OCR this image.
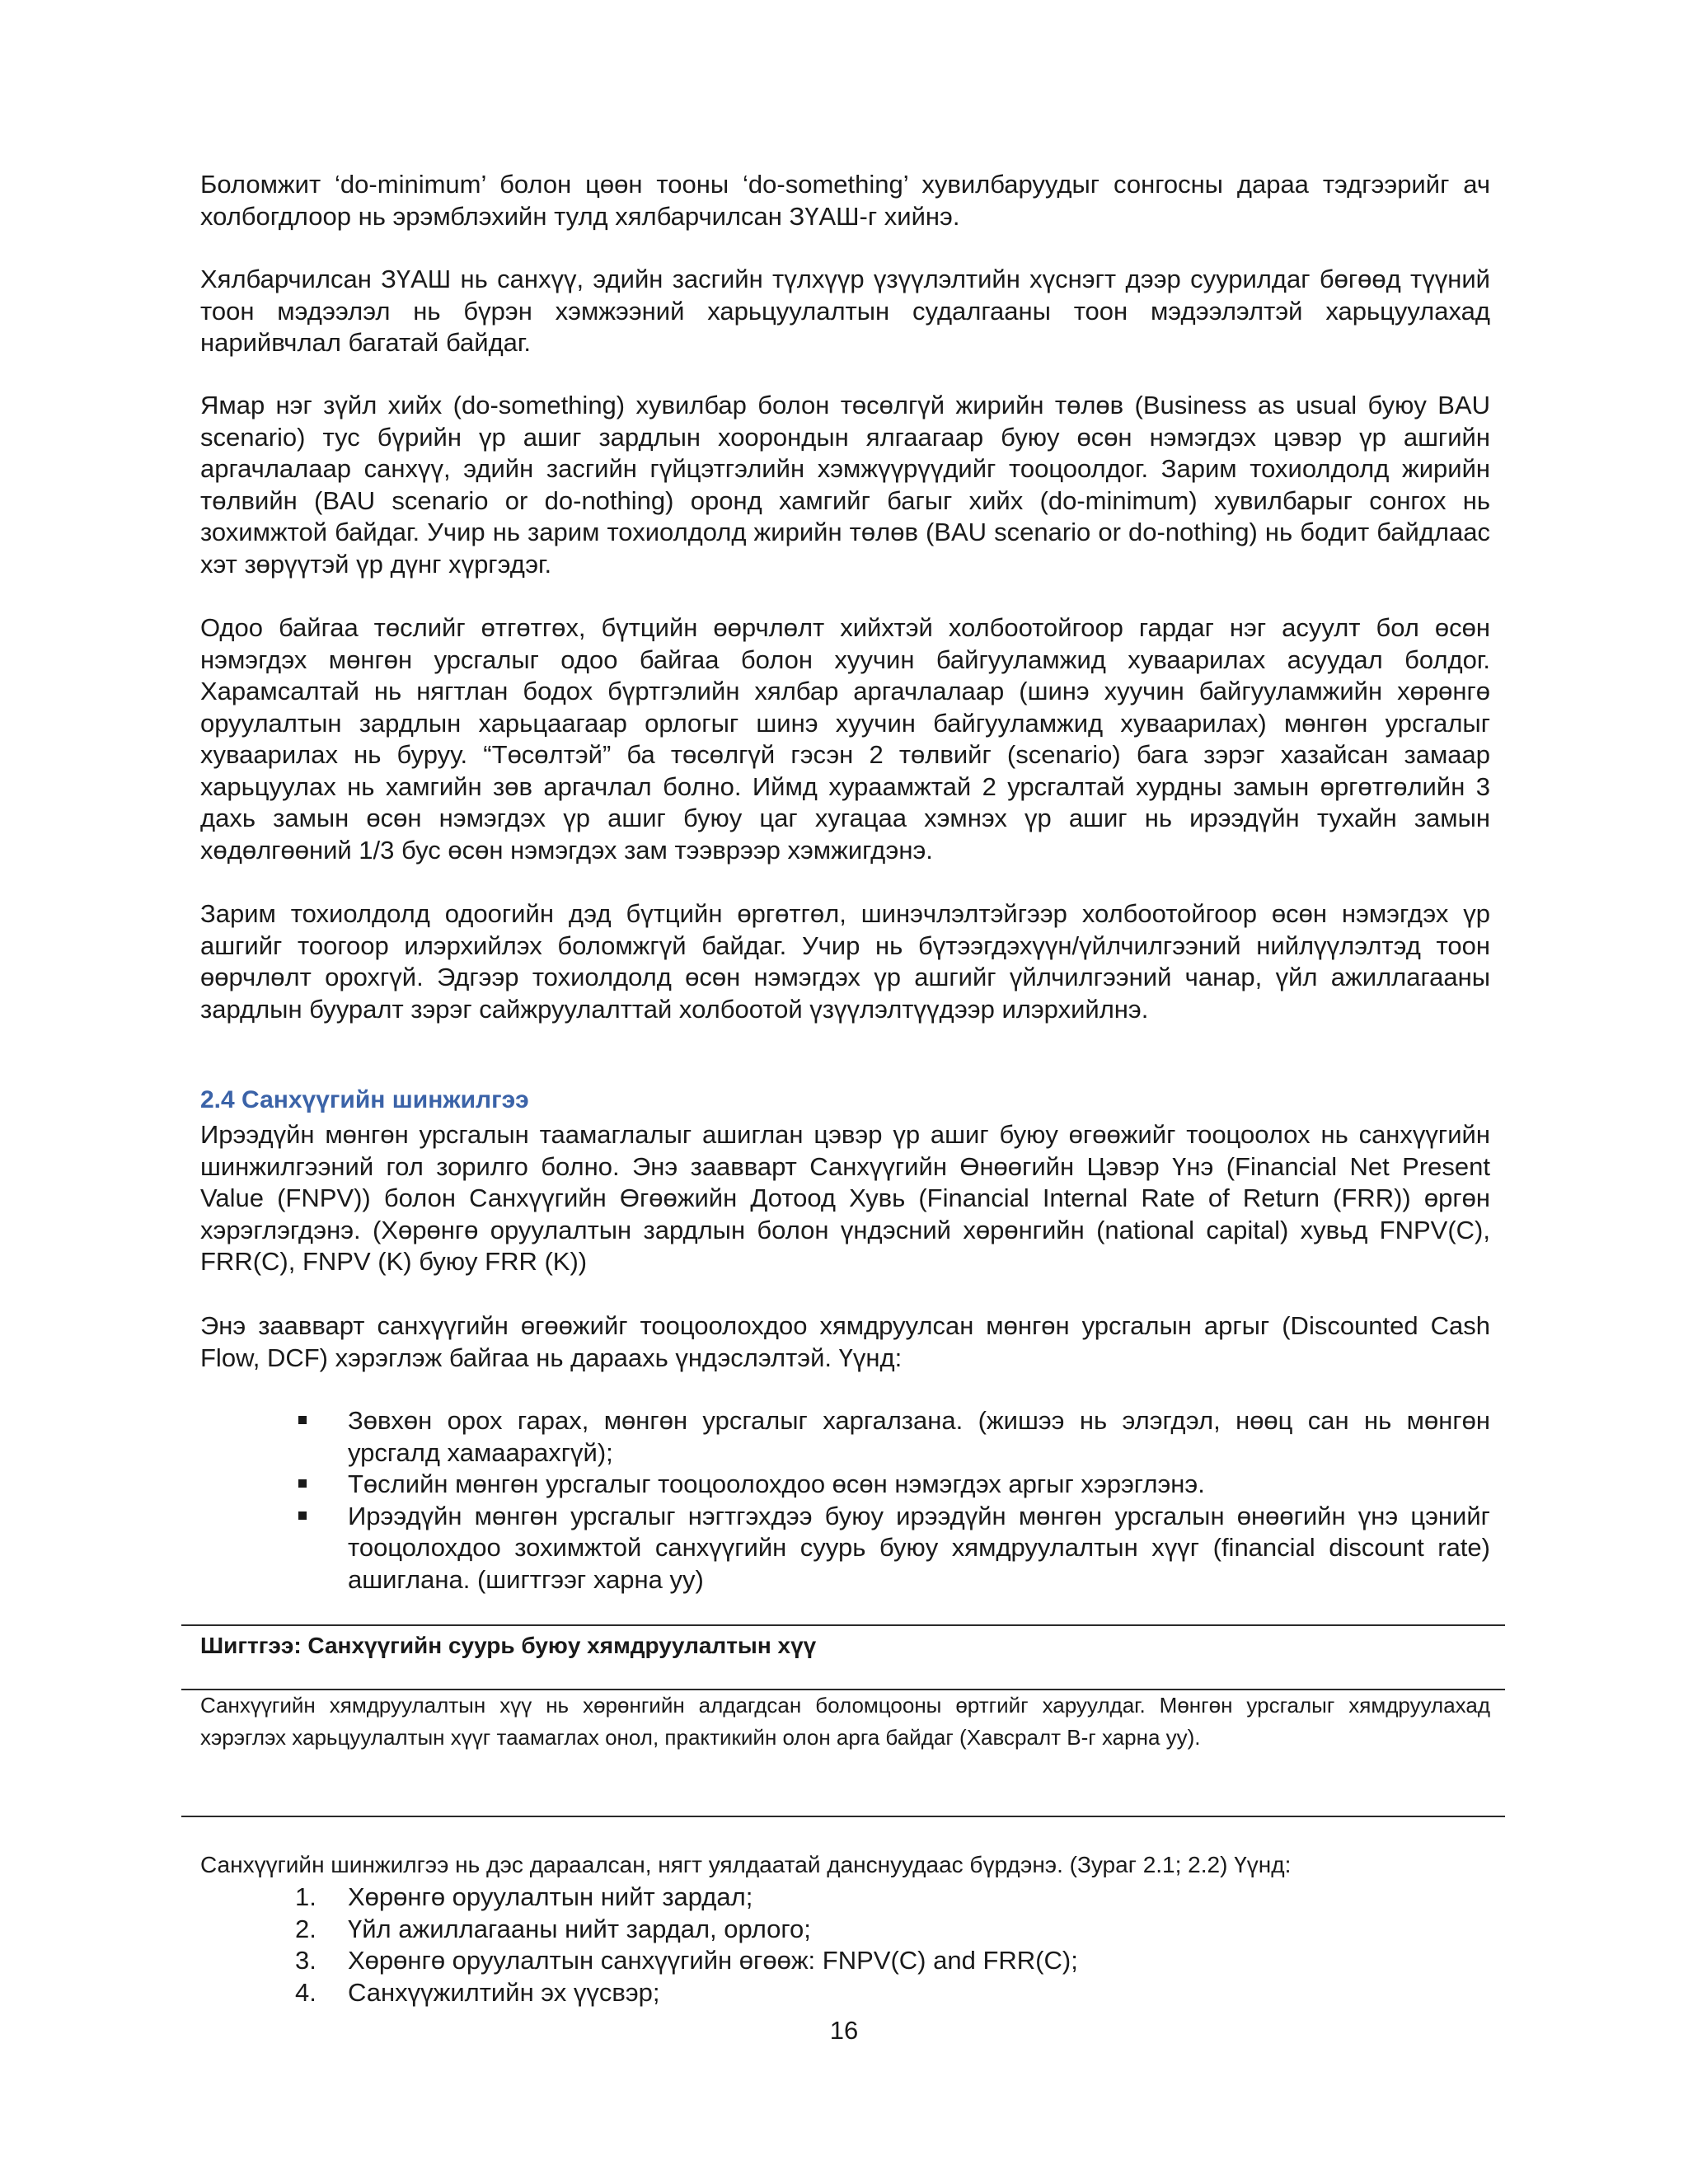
Боломжит ‘do-minimum’ болон цөөн тооны ‘do-something’ хувилбаруудыг сонгосны дараа тэдгээрийг ач холбогдлоор нь эрэмблэхийн тулд хялбарчилсан ЗҮАШ-г хийнэ.

Хялбарчилсан ЗҮАШ нь санхүү, эдийн засгийн түлхүүр үзүүлэлтийн хүснэгт дээр суурилдаг бөгөөд түүний тоон мэдээлэл нь бүрэн хэмжээний харьцуулалтын судалгааны тоон мэдээлэлтэй харьцуулахад нарийвчлал багатай байдаг.

Ямар нэг зүйл хийх (do-something) хувилбар болон төсөлгүй жирийн төлөв (Business as usual буюу BAU scenario) тус бүрийн үр ашиг зардлын хоорондын ялгаагаар буюу өсөн нэмэгдэх цэвэр үр ашгийн аргачлалаар санхүү, эдийн засгийн гүйцэтгэлийн хэмжүүрүүдийг тооцоолдог. Зарим тохиолдолд жирийн төлвийн (BAU scenario or do-nothing) оронд хамгийг багыг хийх (do-minimum) хувилбарыг сонгох нь зохимжтой байдаг. Учир нь зарим тохиолдолд жирийн төлөв (BAU scenario or do-nothing) нь бодит байдлаас хэт зөрүүтэй үр дүнг хүргэдэг.

Одоо байгаа төслийг өтгөтгөх, бүтцийн өөрчлөлт хийхтэй холбоотойгоор гардаг нэг асуулт бол өсөн нэмэгдэх мөнгөн урсгалыг одоо байгаа болон хуучин байгууламжид хуваарилах асуудал болдог. Харамсалтай нь нягтлан бодох бүртгэлийн хялбар аргачлалаар (шинэ хуучин байгууламжийн хөрөнгө оруулалтын зардлын харьцаагаар орлогыг шинэ хуучин байгууламжид хуваарилах) мөнгөн урсгалыг хуваарилах нь буруу. “Төсөлтэй” ба төсөлгүй гэсэн 2 төлвийг (scenario) бага зэрэг хазайсан замаар харьцуулах нь хамгийн зөв аргачлал болно. Иймд хураамжтай 2 урсгалтай хурдны замын өргөтгөлийн 3 дахь замын өсөн нэмэгдэх үр ашиг буюу цаг хугацаа хэмнэх үр ашиг нь ирээдүйн тухайн замын хөдөлгөөний 1/3 бус өсөн нэмэгдэх зам тээврээр хэмжигдэнэ.

Зарим тохиолдолд одоогийн дэд бүтцийн өргөтгөл, шинэчлэлтэйгээр холбоотойгоор өсөн нэмэгдэх үр ашгийг тоогоор илэрхийлэх боломжгүй байдаг. Учир нь бүтээгдэхүүн/үйлчилгээний нийлүүлэлтэд тоон өөрчлөлт орохгүй. Эдгээр тохиолдолд өсөн нэмэгдэх үр ашгийг үйлчилгээний чанар, үйл ажиллагааны зардлын бууралт зэрэг сайжруулалттай холбоотой үзүүлэлтүүдээр илэрхийлнэ.

2.4 Санхүүгийн шинжилгээ

Ирээдүйн мөнгөн урсгалын таамаглалыг ашиглан цэвэр үр ашиг буюу өгөөжийг тооцоолох нь санхүүгийн шинжилгээний гол зорилго болно. Энэ заавварт Санхүүгийн Өнөөгийн Цэвэр Үнэ (Financial Net Present Value (FNPV)) болон Санхүүгийн Өгөөжийн Дотоод Хувь (Financial Internal Rate of Return (FRR)) өргөн хэрэглэгдэнэ. (Хөрөнгө оруулалтын зардлын болон үндэсний хөрөнгийн (national capital) хувьд FNPV(C), FRR(C), FNPV (K) буюу FRR (K))

Энэ заавварт санхүүгийн өгөөжийг тооцоолохдоо хямдруулсан мөнгөн урсгалын аргыг (Discounted Cash Flow, DCF) хэрэглэж байгаа нь дараахь үндэслэлтэй. Үүнд:

Зөвхөн орох гарах, мөнгөн урсгалыг харгалзана. (жишээ нь элэгдэл, нөөц сан нь мөнгөн урсгалд хамаарахгүй);
Төслийн мөнгөн урсгалыг тооцоолохдоо өсөн нэмэгдэх аргыг хэрэглэнэ.
Ирээдүйн мөнгөн урсгалыг нэгтгэхдээ буюу ирээдүйн мөнгөн урсгалын өнөөгийн үнэ цэнийг тооцолохдоо зохимжтой санхүүгийн суурь буюу хямдруулалтын хүүг (financial discount rate) ашиглана. (шигтгээг харна уу)

Шигтгээ: Санхүүгийн суурь буюу хямдруулалтын хүү

Санхүүгийн хямдруулалтын хүү нь хөрөнгийн алдагдсан боломцооны өртгийг харуулдаг. Мөнгөн урсгалыг хямдруулахад хэрэглэх харьцуулалтын хүүг таамаглах онол, практикийн олон арга байдаг (Хавсралт В-г харна уу).

Санхүүгийн шинжилгээ нь дэс дараалсан, нягт уялдаатай данснуудаас бүрдэнэ. (Зураг 2.1; 2.2) Үүнд:

1. Хөрөнгө оруулалтын нийт зардал;
2. Үйл ажиллагааны нийт зардал, орлого;
3. Хөрөнгө оруулалтын санхүүгийн өгөөж: FNPV(C) and FRR(C);
4. Санхүүжилтийн эх үүсвэр;

16
